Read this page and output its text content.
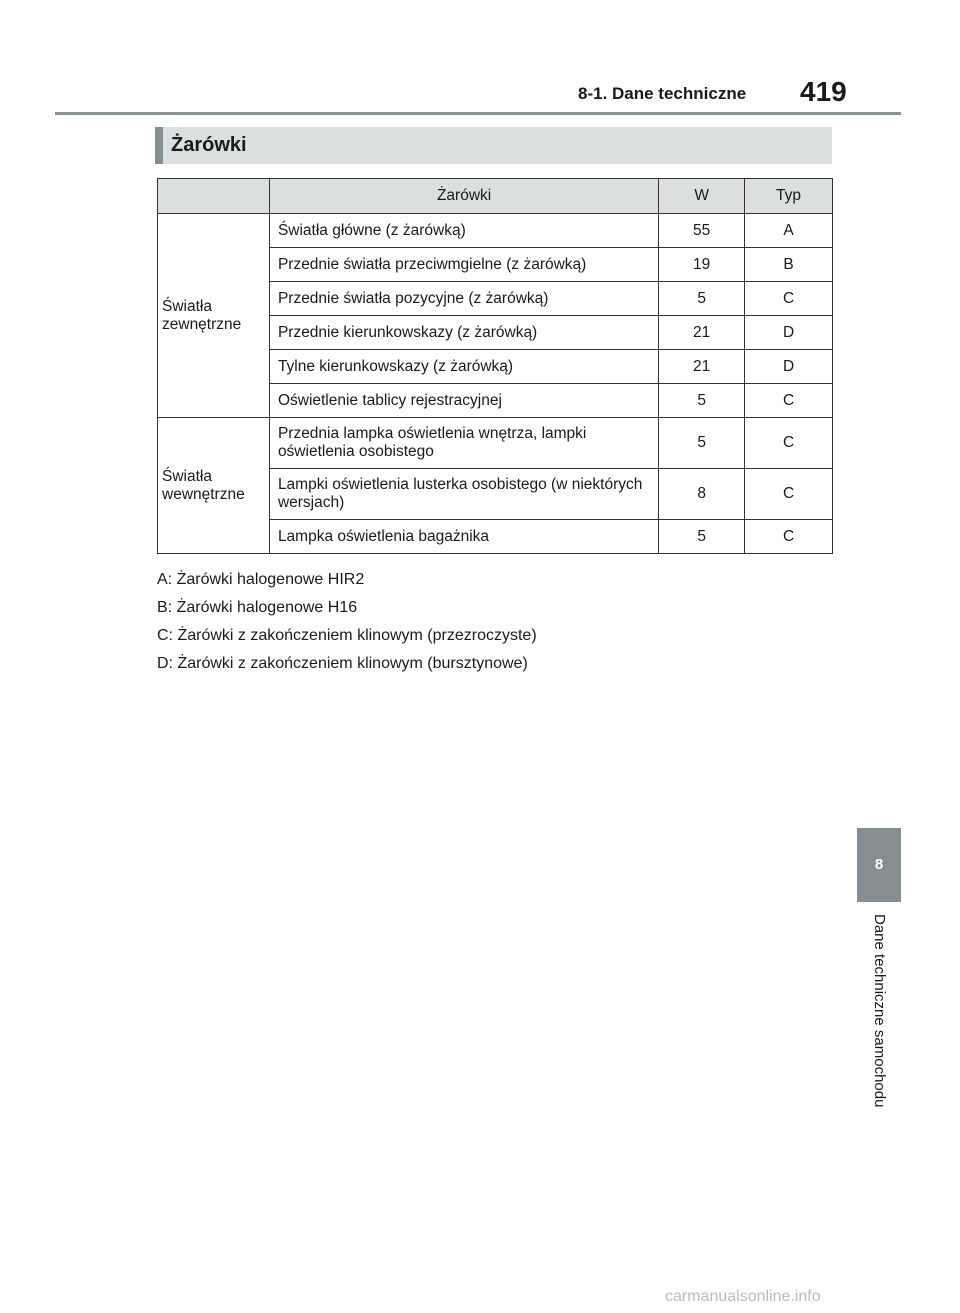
8-1. Dane techniczne	419
Żarówki
	Żarówki	W	Typ
Światła zewnętrzne	Światła główne (z żarówką)	55	A
	Przednie światła przeciwmgielne (z żarówką)	19	B
	Przednie światła pozycyjne (z żarówką)	5	C
	Przednie kierunkowskazy (z żarówką)	21	D
	Tylne kierunkowskazy (z żarówką)	21	D
	Oświetlenie tablicy rejestracyjnej	5	C
Światła wewnętrzne	Przednia lampka oświetlenia wnętrza, lampki oświetlenia osobistego	5	C
	Lampki oświetlenia lusterka osobistego (w niektórych wersjach)	8	C
	Lampka oświetlenia bagażnika	5	C
A: Żarówki halogenowe HIR2
B: Żarówki halogenowe H16
C: Żarówki z zakończeniem klinowym (przezroczyste)
D: Żarówki z zakończeniem klinowym (bursztynowe)
8
Dane techniczne samochodu
carmanualsonline.info
